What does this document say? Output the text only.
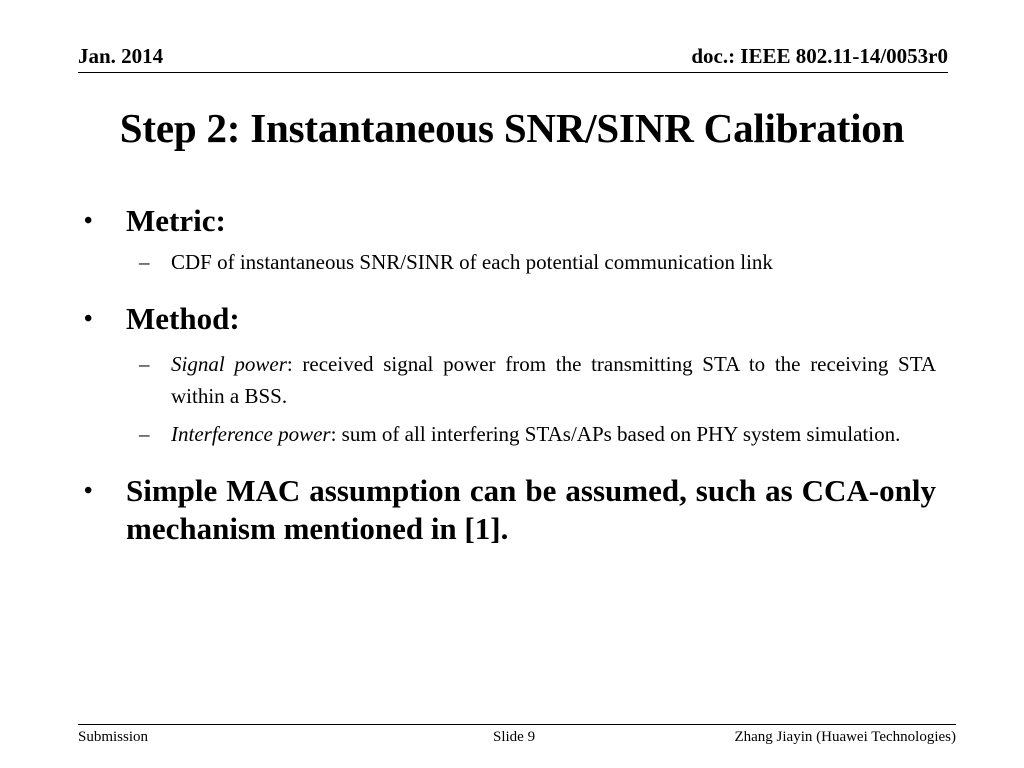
Jan. 2014	doc.: IEEE 802.11-14/0053r0
Step 2: Instantaneous SNR/SINR Calibration
• Metric:
– CDF of instantaneous SNR/SINR of each potential communication link
• Method:
– Signal power: received signal power from the transmitting STA to the receiving STA within a BSS.
– Interference power: sum of all interfering STAs/APs based on PHY system simulation.
• Simple MAC assumption can be assumed, such as CCA-only mechanism mentioned in [1].
Submission	Slide 9	Zhang Jiayin (Huawei Technologies)
